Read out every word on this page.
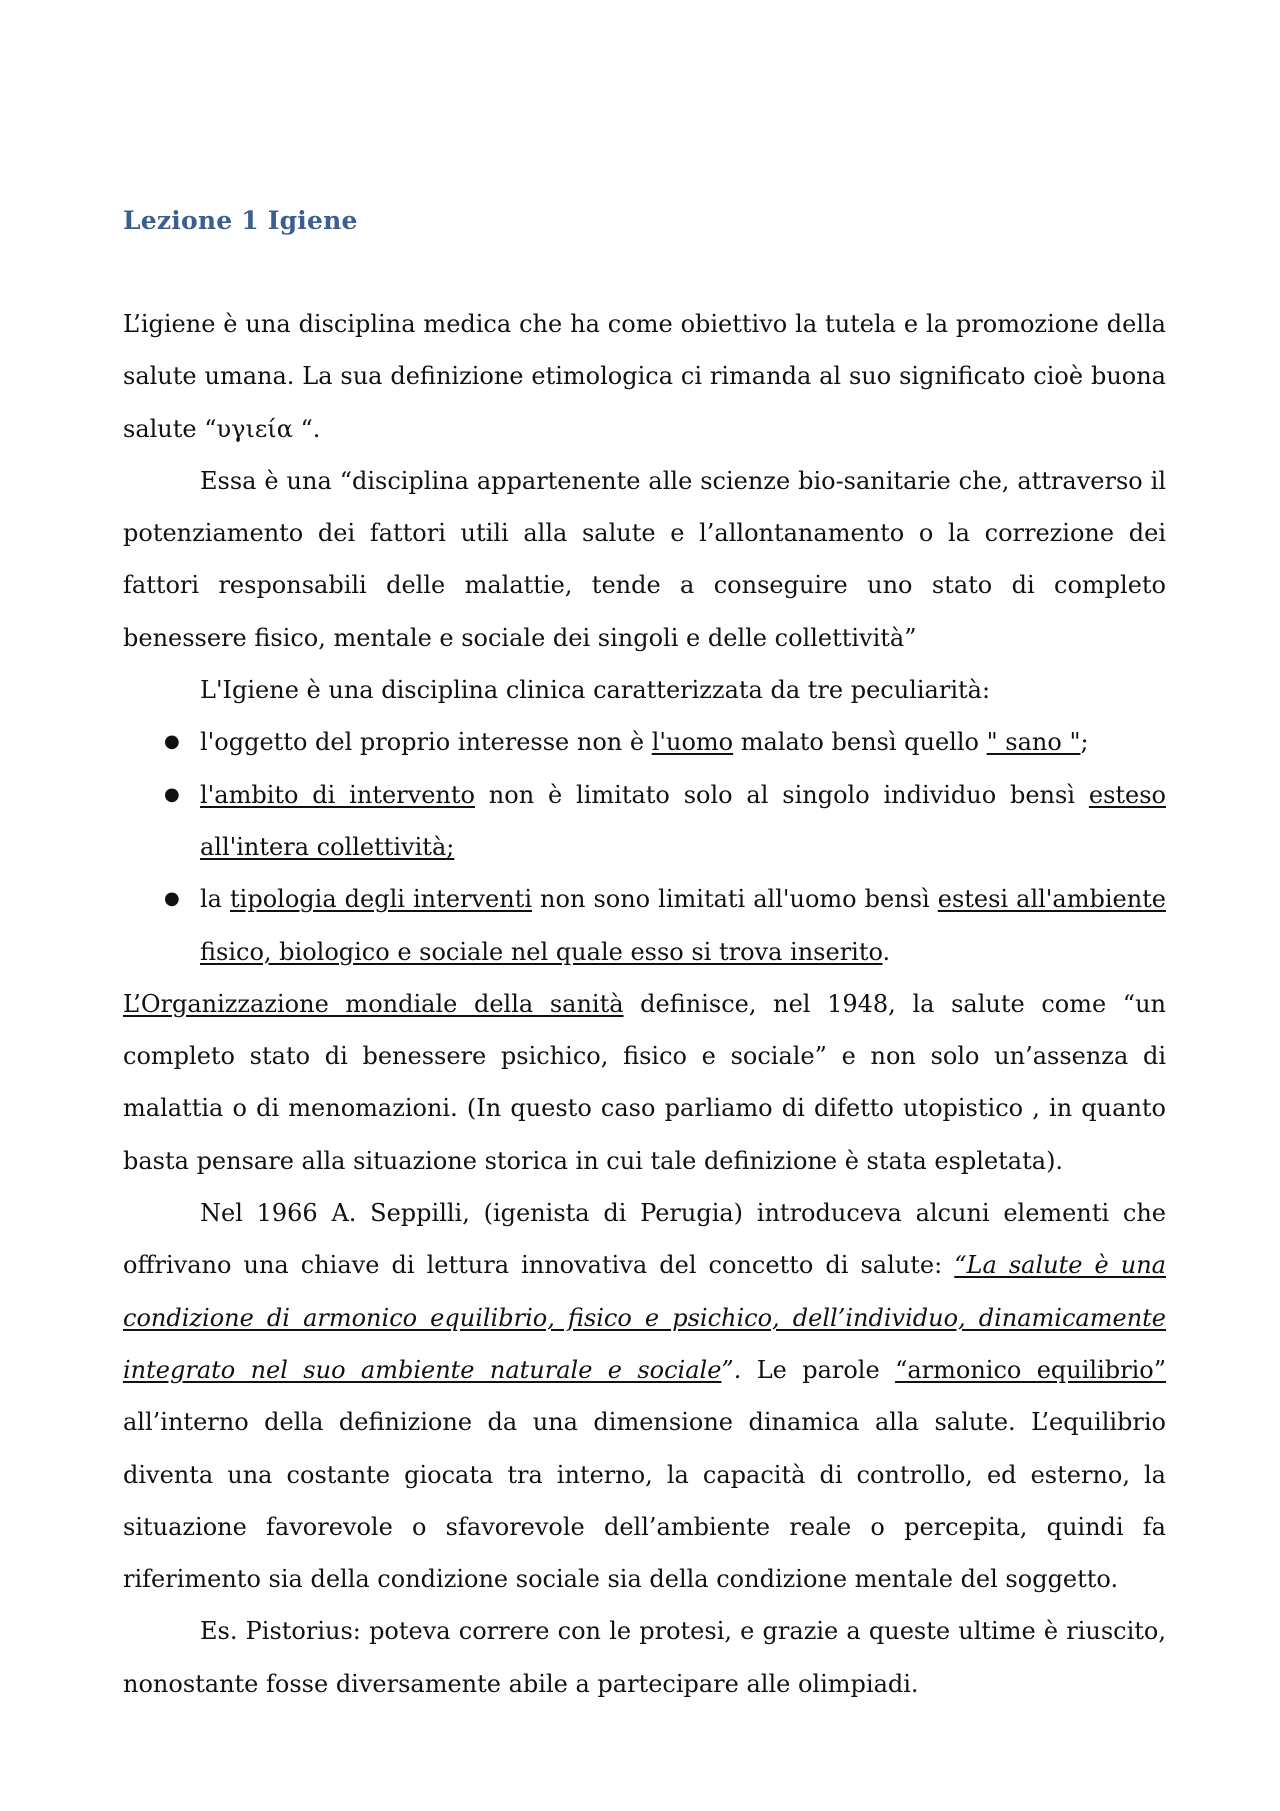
Lezione 1 Igiene

L’igiene è una disciplina medica che ha come obiettivo la tutela e la promozione della salute umana. La sua definizione etimologica ci rimanda al suo significato cioè buona salute “υγιεία “.

Essa è una “disciplina appartenente alle scienze bio-sanitarie che, attraverso il potenziamento dei fattori utili alla salute e l’allontanamento o la correzione dei fattori responsabili delle malattie, tende a conseguire uno stato di completo benessere fisico, mentale e sociale dei singoli e delle collettività”

L'Igiene è una disciplina clinica caratterizzata da tre peculiarità:

● l'oggetto del proprio interesse non è l'uomo malato bensì quello " sano ";
● l'ambito di intervento non è limitato solo al singolo individuo bensì esteso all'intera collettività;
● la tipologia degli interventi non sono limitati all'uomo bensì estesi all'ambiente fisico, biologico e sociale nel quale esso si trova inserito.

L’Organizzazione mondiale della sanità definisce, nel 1948, la salute come “un completo stato di benessere psichico, fisico e sociale” e non solo un’assenza di malattia o di menomazioni. (In questo caso parliamo di difetto utopistico , in quanto basta pensare alla situazione storica in cui tale definizione è stata espletata).

Nel 1966 A. Seppilli, (igenista di Perugia) introduceva alcuni elementi che offrivano una chiave di lettura innovativa del concetto di salute: “La salute è una condizione di armonico equilibrio, fisico e psichico, dell’individuo, dinamicamente integrato nel suo ambiente naturale e sociale”. Le parole “armonico equilibrio” all’interno della definizione da una dimensione dinamica alla salute. L’equilibrio diventa una costante giocata tra interno, la capacità di controllo, ed esterno, la situazione favorevole o sfavorevole dell’ambiente reale o percepita, quindi fa riferimento sia della condizione sociale sia della condizione mentale del soggetto.

Es. Pistorius: poteva correre con le protesi, e grazie a queste ultime è riuscito, nonostante fosse diversamente abile a partecipare alle olimpiadi.
